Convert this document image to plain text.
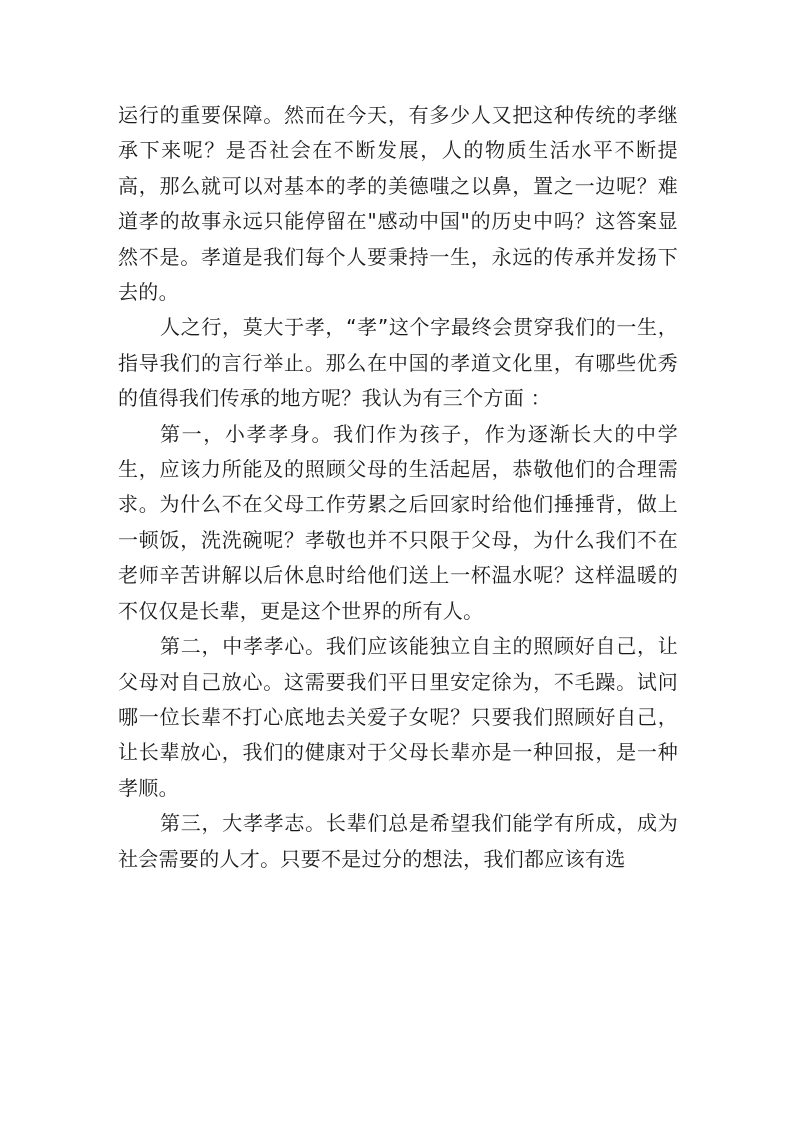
运行的重要保障。然而在今天，有多少人又把这种传统的孝继承下来呢？是否社会在不断发展，人的物质生活水平不断提高，那么就可以对基本的孝的美德嗤之以鼻，置之一边呢？难道孝的故事永远只能停留在"感动中国"的历史中吗？这答案显然不是。孝道是我们每个人要秉持一生，永远的传承并发扬下去的。

人之行，莫大于孝，“孝”这个字最终会贯穿我们的一生，指导我们的言行举止。那么在中国的孝道文化里，有哪些优秀的值得我们传承的地方呢？我认为有三个方面 ：

第一，小孝孝身。我们作为孩子，作为逐渐长大的中学生，应该力所能及的照顾父母的生活起居，恭敬他们的合理需求。为什么不在父母工作劳累之后回家时给他们捶捶背，做上一顿饭，洗洗碗呢？孝敬也并不只限于父母，为什么我们不在老师辛苦讲解以后休息时给他们送上一杯温水呢？这样温暖的不仅仅是长辈，更是这个世界的所有人。

第二，中孝孝心。我们应该能独立自主的照顾好自己，让父母对自己放心。这需要我们平日里安定徐为，不毛躁。试问哪一位长辈不打心底地去关爱子女呢？只要我们照顾好自己，让长辈放心，我们的健康对于父母长辈亦是一种回报，是一种孝顺。

第三，大孝孝志。长辈们总是希望我们能学有所成，成为社会需要的人才。只要不是过分的想法，我们都应该有选
